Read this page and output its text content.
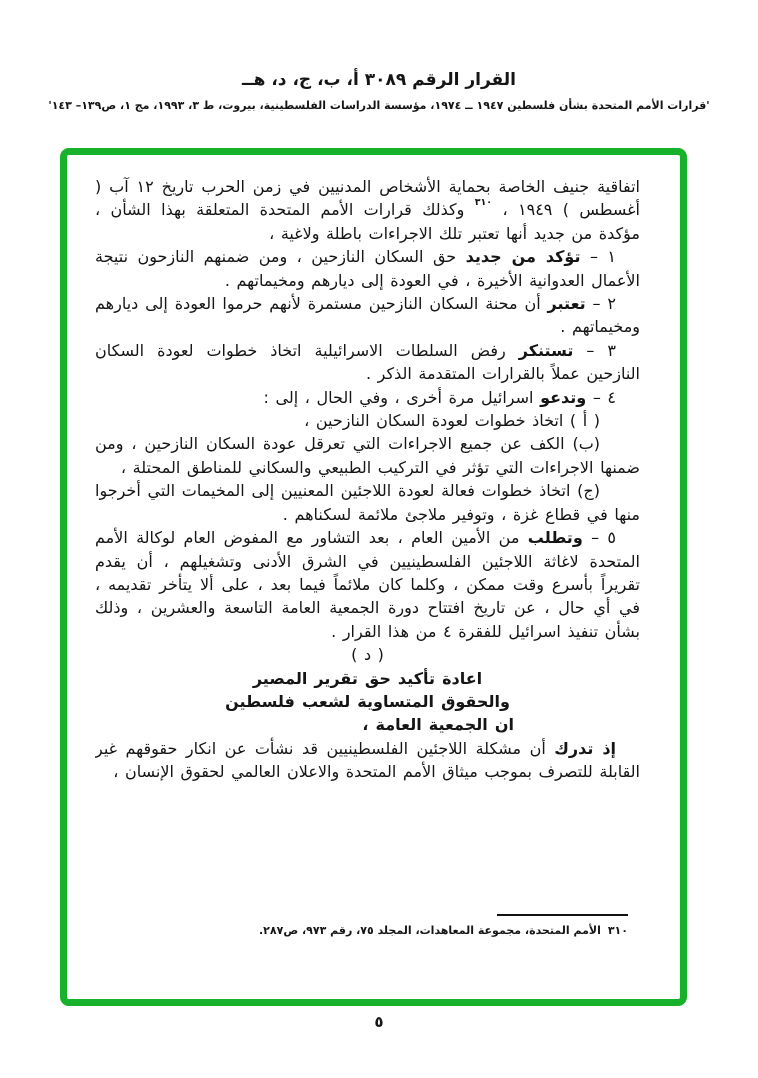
القرار الرقم ٣٠٨٩ أ، ب، ج، د، هــ
'قرارات الأمم المتحدة بشأن فلسطين ١٩٤٧ ــ ١٩٧٤، مؤسسة الدراسات الفلسطينية، بيروت، ط ٣، ١٩٩٣، مج ١، ص١٣٩– ١٤٣'

اتفاقية جنيف الخاصة بحماية الأشخاص المدنيين في زمن الحرب تاريخ ١٢ آب ( أغسطس ) ١٩٤٩ ، $^{٣١٠}$ وكذلك قرارات الأمم المتحدة المتعلقة بهذا الشأن ، مؤكدة من جديد أنها تعتبر تلك الاجراءات باطلة ولاغية ،

١ – تؤكد من جديد حق السكان النازحين ، ومن ضمنهم النازحون نتيجة الأعمال العدوانية الأخيرة ، في العودة إلى ديارهم ومخيماتهم .

٢ – تعتبر أن محنة السكان النازحين مستمرة لأنهم حرموا العودة إلى ديارهم ومخيماتهم .

٣ – تستنكر رفض السلطات الاسرائيلية اتخاذ خطوات لعودة السكان النازحين عملاً بالقرارات المتقدمة الذكر .

٤ – وتدعو اسرائيل مرة أخرى ، وفي الحال ، إلى :

( أ ) اتخاذ خطوات لعودة السكان النازحين ،

(ب) الكف عن جميع الاجراءات التي تعرقل عودة السكان النازحين ، ومن ضمنها الاجراءات التي تؤثر في التركيب الطبيعي والسكاني للمناطق المحتلة ،

(ج) اتخاذ خطوات فعالة لعودة اللاجئين المعنيين إلى المخيمات التي أخرجوا منها في قطاع غزة ، وتوفير ملاجئ ملائمة لسكناهم .

٥ – وتطلب من الأمين العام ، بعد التشاور مع المفوض العام لوكالة الأمم المتحدة لاغاثة اللاجئين الفلسطينيين في الشرق الأدنى وتشغيلهم ، أن يقدم تقريراً بأسرع وقت ممكن ، وكلما كان ملائماً فيما بعد ، على ألا يتأخر تقديمه ، في أي حال ، عن تاريخ افتتاح دورة الجمعية العامة التاسعة والعشرين ، وذلك بشأن تنفيذ اسرائيل للفقرة ٤ من هذا القرار .

( د )

اعادة تأكيد حق تقرير المصير

والحقوق المتساوية لشعب فلسطين

ان الجمعية العامة ،

إذ تدرك أن مشكلة اللاجئين الفلسطينيين قد نشأت عن انكار حقوقهم غير القابلة للتصرف بموجب ميثاق الأمم المتحدة والاعلان العالمي لحقوق الإنسان ،

٣١٠الأمم المتحدة، مجموعة المعاهدات، المجلد ٧٥، رقم ٩٧٣، ص٢٨٧.

٥
